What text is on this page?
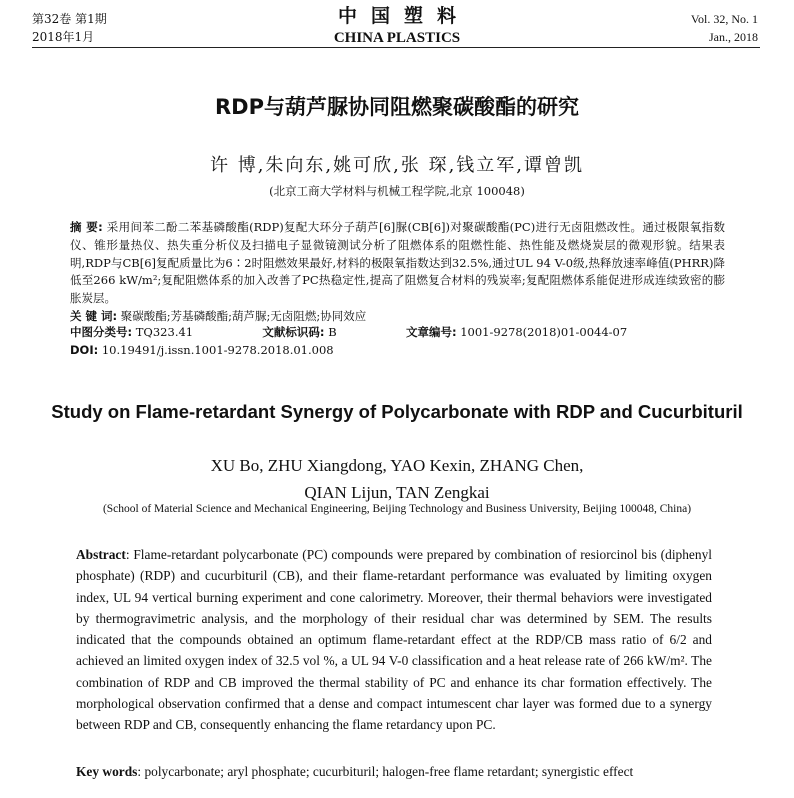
第32卷 第1期
2018年1月
中国塑料
CHINA PLASTICS
Vol. 32, No. 1
Jan., 2018
RDP与葫芦脲协同阻燃聚碳酸酯的研究
许 博,朱向东,姚可欣,张 琛,钱立军,谭曾凯
(北京工商大学材料与机械工程学院,北京 100048)
摘 要: 采用间苯二酚二苯基磷酸酯(RDP)复配大环分子葫芦[6]脲(CB[6])对聚碳酸酯(PC)进行无卤阻燃改性。通过极限氧指数仪、锥形量热仪、热失重分析仪及扫描电子显微镜测试分析了阻燃体系的阻燃性能、热性能及燃烧炭层的微观形貌。结果表明,RDP与CB[6]复配质量比为6∶2时阻燃效果最好,材料的极限氧指数达到32.5%,通过UL 94 V-0级,热释放速率峰值(PHRR)降低至266 kW/m²;复配阻燃体系的加入改善了PC热稳定性,提高了阻燃复合材料的残炭率;复配阻燃体系能促进形成连续致密的膨胀炭层。
关 键 词: 聚碳酸酯;芳基磷酸酯;葫芦脲;无卤阻燃;协同效应
中图分类号: TQ323.41	文献标识码: B	文章编号: 1001-9278(2018)01-0044-07
DOI: 10.19491/j.issn.1001-9278.2018.01.008
Study on Flame-retardant Synergy of Polycarbonate with RDP and Cucurbituril
XU Bo, ZHU Xiangdong, YAO Kexin, ZHANG Chen,
QIAN Lijun, TAN Zengkai
(School of Material Science and Mechanical Engineering, Beijing Technology and Business University, Beijing 100048, China)
Abstract: Flame-retardant polycarbonate (PC) compounds were prepared by combination of resiorcinol bis (diphenyl phosphate) (RDP) and cucurbituril (CB), and their flame-retardant performance was evaluated by limiting oxygen index, UL 94 vertical burning experiment and cone calorimetry. Moreover, their thermal behaviors were investigated by thermogravimetric analysis, and the morphology of their residual char was determined by SEM. The results indicated that the compounds obtained an optimum flame-retardant effect at the RDP/CB mass ratio of 6/2 and achieved an limited oxygen index of 32.5 vol %, a UL 94 V-0 classification and a heat release rate of 266 kW/m². The combination of RDP and CB improved the thermal stability of PC and enhance its char formation effectively. The morphological observation confirmed that a dense and compact intumescent char layer was formed due to a synergy between RDP and CB, consequently enhancing the flame retardancy upon PC.
Key words: polycarbonate; aryl phosphate; cucurbituril; halogen-free flame retardant; synergistic effect
